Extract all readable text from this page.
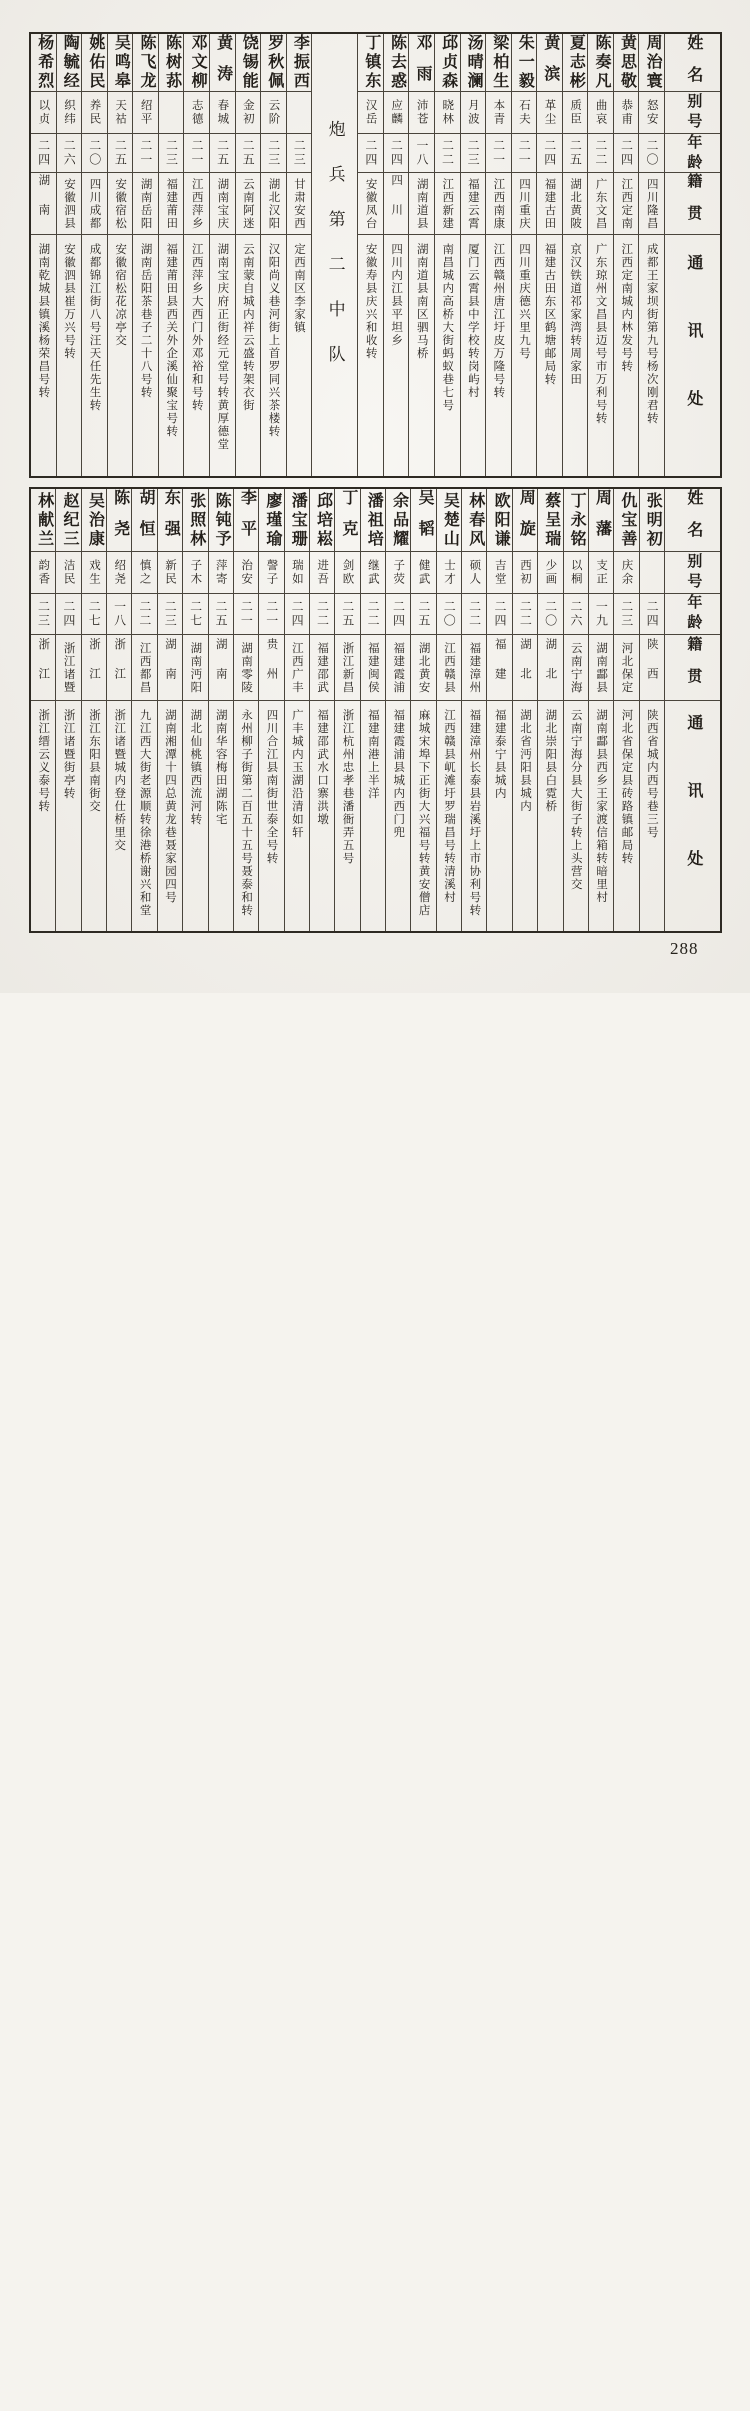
姓名
别号
年龄
籍贯
通讯处
周治寰
怒安
二〇
四川隆昌
成都王家坝街第九号杨次刚君转
黄思敬
恭甫
二四
江西定南
江西定南城内林发号转
陈奏凡
曲哀
二二
广东文昌
广东琼州文昌县迈号市万利号转
夏志彬
质臣
二五
湖北黄陂
京汉铁道祁家湾转周家田
黄滨
革尘
二四
福建古田
福建古田东区鹤塘邮局转
朱一毅
石夫
二一
四川重庆
四川重庆德兴里九号
梁柏生
本青
二一
江西南康
江西赣州唐江圩皮万隆号转
汤晴澜
月波
二三
福建云霄
厦门云霄县中学校转岗屿村
邱贞森
晓林
二二
江西新建
南昌城内高桥大街蚂蚁巷七号
邓雨
沛苍
一八
湖南道县
湖南道县南区驷马桥
陈去惑
应麟
二四
四川
四川内江县平坦乡
丁镇东
汉岳
二四
安徽凤台
安徽寿县庆兴和收转
炮兵第二中队
李振西
二三
甘肃安西
定西南区李家镇
罗秋佩
云阶
二三
湖北汉阳
汉阳尚义巷河街上首罗同兴茶楼转
饶锡能
金初
二五
云南阿迷
云南蒙自城内祥云盛转架衣街
黄涛
春城
二五
湖南宝庆
湖南宝庆府正街经元堂号转黄厚德堂
邓文柳
志德
二一
江西萍乡
江西萍乡大西门外邓裕和号转
陈树荪
二三
福建莆田
福建莆田县西关外企溪仙聚宝号转
陈飞龙
绍平
二一
湖南岳阳
湖南岳阳茶巷子二十八号转
吴鸣皋
天祜
二五
安徽宿松
安徽宿松花凉亭交
姚佑民
养民
二〇
四川成都
成都锦江街八号汪天任先生转
陶毓经
织纬
二六
安徽泗县
安徽泗县崔万兴号转
杨希烈
以贞
二四
湖南
湖南乾城县镇溪杨荣昌号转
姓名
别号
年龄
籍贯
通讯处
张明初
二四
陕西
陕西省城内西号巷三号
仇宝善
庆余
二三
河北保定
河北省保定县砖路镇邮局转
周藩
支正
一九
湖南酃县
湖南酃县西乡王家渡信箱转暗里村
丁永铭
以桐
二六
云南宁海
云南宁海分县大街子转上头营交
蔡呈瑞
少画
二〇
湖北
湖北崇阳县白霓桥
周旋
西初
二二
湖北
湖北省沔阳县城内
欧阳谦
吉堂
二四
福建
福建泰宁县城内
林春风
硕人
二二
福建漳州
福建漳州长泰县岩溪圩上市协利号转
吴楚山
士才
二〇
江西赣县
江西赣县屼滩圩罗瑞昌号转清溪村
吴韬
健武
二五
湖北黄安
麻城宋埠下正街大兴福号转黄安僧店
余品耀
子荧
二四
福建霞浦
福建霞浦县城内西门兜
潘祖培
继武
二二
福建闽侯
福建南港上半洋
丁克
剑欧
二五
浙江新昌
浙江杭州忠孝巷潘衙弄五号
邱培崧
进吾
二二
福建邵武
福建邵武水口寨洪墩
潘宝珊
瑞如
二四
江西广丰
广丰城内玉湖沿清如轩
廖瑾瑜
謦子
二一
贵州
四川合江县南街世泰全号转
李平
治安
二一
湖南零陵
永州柳子街第二百五十五号聂泰和转
陈钝予
萍寄
二五
湖南
湖南华容梅田湖陈宅
张照林
子木
二七
湖南沔阳
湖北仙桃镇西流河转
东强
新民
二三
湖南
湖南湘潭十四总黄龙巷聂家园四号
胡恒
慎之
二二
江西都昌
九江西大街老源顺转徐港桥谢兴和堂
陈尧
绍尧
一八
浙江
浙江诸暨城内登仕桥里交
吴治康
戏生
二七
浙江
浙江东阳县南街交
赵纪三
洁民
二四
浙江诸暨
浙江诸暨街亭转
林献兰
韵香
二三
浙江
浙江缙云义泰号转
288
